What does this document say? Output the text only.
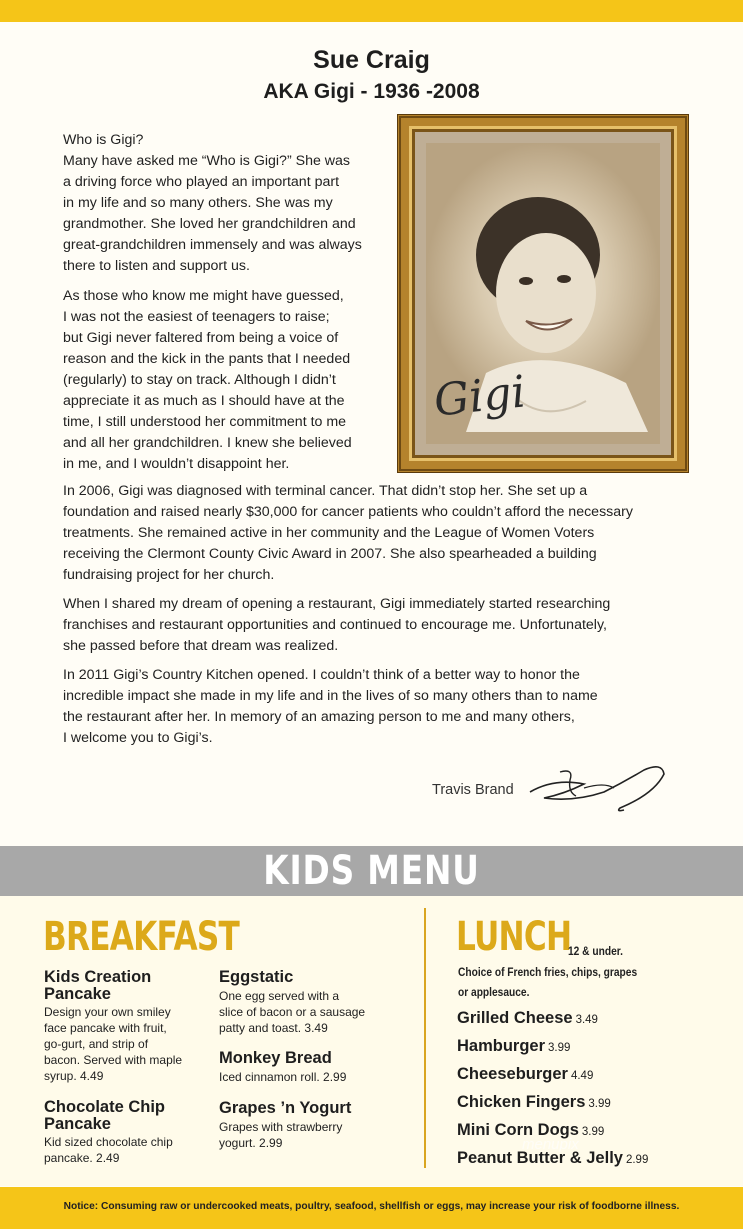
Sue Craig
AKA Gigi - 1936 -2008
Who is Gigi?
Many have asked me “Who is Gigi?” She was
a driving force who played an important part
in my life and so many others. She was my
grandmother. She loved her grandchildren and
great-grandchildren immensely and was always
there to listen and support us.
As those who know me might have guessed,
I was not the easiest of teenagers to raise;
but Gigi never faltered from being a voice of
reason and the kick in the pants that I needed
(regularly) to stay on track. Although I didn’t
appreciate it as much as I should have at the
time, I still understood her commitment to me
and all her grandchildren. I knew she believed
in me, and I wouldn’t disappoint her.
Gigi
In 2006, Gigi was diagnosed with terminal cancer. That didn’t stop her. She set up a
foundation and raised nearly $30,000 for cancer patients who couldn’t afford the necessary
treatments. She remained active in her community and the League of Women Voters
receiving the Clermont County Civic Award in 2007. She also spearheaded a building
fundraising project for her church.
When I shared my dream of opening a restaurant, Gigi immediately started researching
franchises and restaurant opportunities and continued to encourage me. Unfortunately,
she passed before that dream was realized.
In 2011 Gigi’s Country Kitchen opened. I couldn’t think of a better way to honor the
incredible impact she made in my life and in the lives of so many others than to name
the restaurant after her. In memory of an amazing person to me and many others,
I welcome you to Gigi’s.
Travis Brand
KIDS MENU
BREAKFAST
Kids Creation Pancake
Design your own smiley
face pancake with fruit,
go-gurt, and strip of
bacon. Served with maple
syrup. 4.49
Chocolate Chip Pancake
Kid sized chocolate chip
pancake. 2.49
Eggstatic
One egg served with a
slice of bacon or a sausage
patty and toast. 3.49
Monkey Bread
Iced cinnamon roll. 2.99
Grapes ’n Yogurt
Grapes with strawberry
yogurt. 2.99
LUNCH
12 & under.
Choice of French fries, chips, grapes
or applesauce.
Grilled Cheese 3.49
Hamburger 3.99
Cheeseburger 4.49
Chicken Fingers 3.99
Mini Corn Dogs 3.99
Peanut Butter & Jelly 2.99
menupix
Notice: Consuming raw or undercooked meats, poultry, seafood, shellfish or eggs, may increase your risk of foodborne illness.
